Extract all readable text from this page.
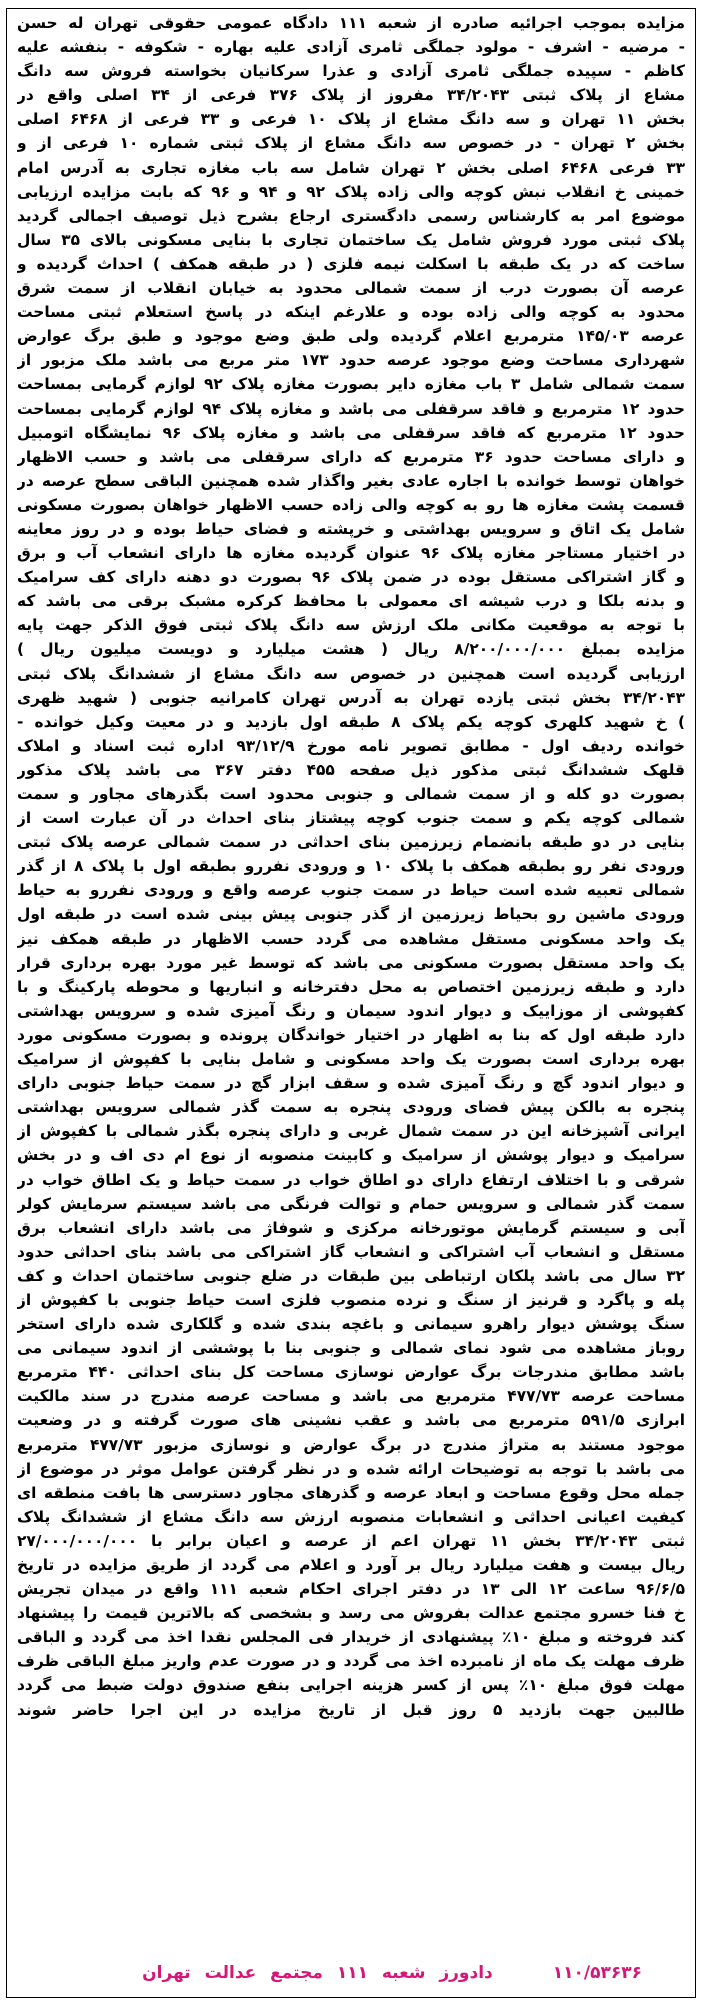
مزایده بموجب اجرائیه صادره از شعبه ۱۱۱ دادگاه عمومی حقوقی تهران له حسن
- مرضیه - اشرف - مولود جملگی ثامری آزادی علیه بهاره - شکوفه - بنفشه علیه
کاظم - سپیده جملگی ثامری آزادی و عذرا سرکانیان بخواسته فروش سه دانگ
مشاع از پلاک ثبتی ۳۴/۲۰۴۳ مفروز از پلاک ۳۷۶ فرعی از ۳۴ اصلی واقع در
بخش ۱۱ تهران و سه دانگ مشاع از پلاک ۱۰ فرعی و ۳۳ فرعی از ۶۴۶۸ اصلی
بخش ۲ تهران - در خصوص سه دانگ مشاع از پلاک ثبتی شماره ۱۰ فرعی از و
۳۳ فرعی ۶۴۶۸ اصلی بخش ۲ تهران شامل سه باب مغازه تجاری به آدرس امام
خمینی خ انقلاب نبش کوچه والی زاده پلاک ۹۲ و ۹۴ و ۹۶ که بابت مزایده ارزیابی
موضوع امر به کارشناس رسمی دادگستری ارجاع بشرح ذیل توصیف اجمالی گردید
پلاک ثبتی مورد فروش شامل یک ساختمان تجاری با بنایی مسکونی بالای ۳۵ سال
ساخت که در یک طبقه با اسکلت نیمه فلزی ( در طبقه همکف ) احداث گردیده و
عرصه آن بصورت درب از سمت شمالی محدود به خیابان انقلاب از سمت شرق
محدود به کوچه والی زاده بوده و علارغم اینکه در پاسخ استعلام ثبتی مساحت
عرصه ۱۴۵/۰۳ مترمربع اعلام گردیده ولی طبق وضع موجود و طبق برگ عوارض
شهرداری مساحت وضع موجود عرصه حدود ۱۷۳ متر مربع می باشد ملک مزبور از
سمت شمالی شامل ۳ باب مغازه دایر بصورت مغازه پلاک ۹۲ لوازم گرمایی بمساحت
حدود ۱۲ مترمربع و فاقد سرقفلی می باشد و مغازه پلاک ۹۴ لوازم گرمایی بمساحت
حدود ۱۲ مترمربع که فاقد سرقفلی می باشد و مغازه پلاک ۹۶ نمایشگاه اتومبیل
و دارای مساحت حدود ۳۶ مترمربع که دارای سرقفلی می باشد و حسب الاظهار
خواهان توسط خوانده با اجاره عادی بغیر واگذار شده همچنین الباقی سطح عرصه در
قسمت پشت مغازه ها رو به کوچه والی زاده حسب الاظهار خواهان بصورت مسکونی
شامل یک اتاق و سرویس بهداشتی و خرپشته و فضای حیاط بوده و در روز معاینه
در اختیار مستاجر مغازه پلاک ۹۶ عنوان گردیده مغازه ها دارای انشعاب آب و برق
و گاز اشتراکی مستقل بوده در ضمن پلاک ۹۶ بصورت دو دهنه دارای کف سرامیک
و بدنه بلکا و درب شیشه ای معمولی با محافظ کرکره مشبک برقی می باشد که
با توجه به موقعیت مکانی ملک ارزش سه دانگ پلاک ثبتی فوق الذکر جهت پایه
مزایده بمبلغ ۸/۲۰۰/۰۰۰/۰۰۰ ریال ( هشت میلیارد و دویست میلیون ریال )
ارزیابی گردیده است همچنین در خصوص سه دانگ مشاع از ششدانگ پلاک ثبتی
۳۴/۲۰۴۳ بخش ثبتی یازده تهران به آدرس تهران کامرانیه جنوبی ( شهید ظهری
) خ شهید کلهری کوچه یکم پلاک ۸ طبقه اول بازدید و در معیت وکیل خوانده -
خوانده ردیف اول - مطابق تصویر نامه مورخ ۹۳/۱۲/۹ اداره ثبت اسناد و املاک
قلهک ششدانگ ثبتی مذکور ذیل صفحه ۴۵۵ دفتر ۳۶۷ می باشد پلاک مذکور
بصورت دو کله و از سمت شمالی و جنوبی محدود است بگذرهای مجاور و سمت
شمالی کوچه یکم و سمت جنوب کوچه پیشتاز بنای احداث در آن عبارت است از
بنایی در دو طبقه بانضمام زیرزمین بنای احداثی در سمت شمالی عرصه پلاک ثبتی
ورودی نفر رو بطبقه همکف با پلاک ۱۰ و ورودی نفررو بطبقه اول با پلاک ۸ از گذر
شمالی تعبیه شده است حیاط در سمت جنوب عرصه واقع و ورودی نفررو به حیاط
ورودی ماشین رو بحیاط زیرزمین از گذر جنوبی پیش بینی شده است در طبقه اول
یک واحد مسکونی مستقل مشاهده می گردد حسب الاظهار در طبقه همکف نیز
یک واحد مستقل بصورت مسکونی می باشد که توسط غیر مورد بهره برداری قرار
دارد و طبقه زیرزمین اختصاص به محل دفترخانه و انباریها و محوطه پارکینگ و با
کفپوشی از موزاییک و دیوار اندود سیمان و رنگ آمیزی شده و سرویس بهداشتی
دارد طبقه اول که بنا به اظهار در اختیار خواندگان پرونده و بصورت مسکونی مورد
بهره برداری است بصورت یک واحد مسکونی و شامل بنایی با کفپوش از سرامیک
و دیوار اندود گچ و رنگ آمیزی شده و سقف ابزار گچ در سمت حیاط جنوبی دارای
پنجره به بالکن پیش فضای ورودی پنجره به سمت گذر شمالی سرویس بهداشتی
ایرانی آشپزخانه این در سمت شمال غربی و دارای پنجره بگذر شمالی با کفپوش از
سرامیک و دیوار پوشش از سرامیک و کابینت منصوبه از نوع ام دی اف و در بخش
شرقی و با اختلاف ارتفاع دارای دو اطاق خواب در سمت حیاط و یک اطاق خواب در
سمت گذر شمالی و سرویس حمام و توالت فرنگی می باشد سیستم سرمایش کولر
آبی و سیستم گرمایش موتورخانه مرکزی و شوفاژ می باشد دارای انشعاب برق
مستقل و انشعاب آب اشتراکی و انشعاب گاز اشتراکی می باشد بنای احداثی حدود
۳۲ سال می باشد پلکان ارتباطی بین طبقات در ضلع جنوبی ساختمان احداث و کف
پله و پاگرد و قرنیز از سنگ و نرده منصوب فلزی است حیاط جنوبی با کفپوش از
سنگ پوشش دیوار راهرو سیمانی و باغچه بندی شده و گلکاری شده دارای استخر
روباز مشاهده می شود نمای شمالی و جنوبی بنا با پوششی از اندود سیمانی می
باشد مطابق مندرجات برگ عوارض نوسازی مساحت کل بنای احداثی ۴۴۰ مترمربع
مساحت عرصه ۴۷۷/۷۳ مترمربع می باشد و مساحت عرصه مندرج در سند مالکیت
ابرازی ۵۹۱/۵ مترمربع می باشد و عقب نشینی های صورت گرفته و در وضعیت
موجود مستند به متراژ مندرج در برگ عوارض و نوسازی مزبور ۴۷۷/۷۳ مترمربع
می باشد با توجه به توضیحات ارائه شده و در نظر گرفتن عوامل موثر در موضوع از
جمله محل وقوع مساحت و ابعاد عرصه و گذرهای مجاور دسترسی ها بافت منطقه ای
کیفیت اعیانی احداثی و انشعابات منصوبه ارزش سه دانگ مشاع از ششدانگ پلاک
ثبتی ۳۴/۲۰۴۳ بخش ۱۱ تهران اعم از عرصه و اعیان برابر با ۲۷/۰۰۰/۰۰۰/۰۰۰
ریال بیست و هفت میلیارد ریال بر آورد و اعلام می گردد از طریق مزایده در تاریخ
۹۶/۶/۵ ساعت ۱۲ الی ۱۳ در دفتر اجرای احکام شعبه ۱۱۱ واقع در میدان تجریش
خ فنا خسرو مجتمع عدالت بفروش می رسد و بشخصی که بالاترین قیمت را پیشنهاد
کند فروخته و مبلغ ۱۰٪ پیشنهادی از خریدار فی المجلس نقدا اخذ می گردد و الباقی
ظرف مهلت یک ماه از نامبرده اخذ می گردد و در صورت عدم واریز مبلغ الباقی ظرف
مهلت فوق مبلغ ۱۰٪ پس از کسر هزینه اجرایی بنفع صندوق دولت ضبط می گردد
طالبین جهت بازدید ۵ روز قبل از تاریخ مزایده در این اجرا حاضر شوند
۱۱۰/۵۳۶۳۶
دادورز شعبه ۱۱۱ مجتمع عدالت تهران
